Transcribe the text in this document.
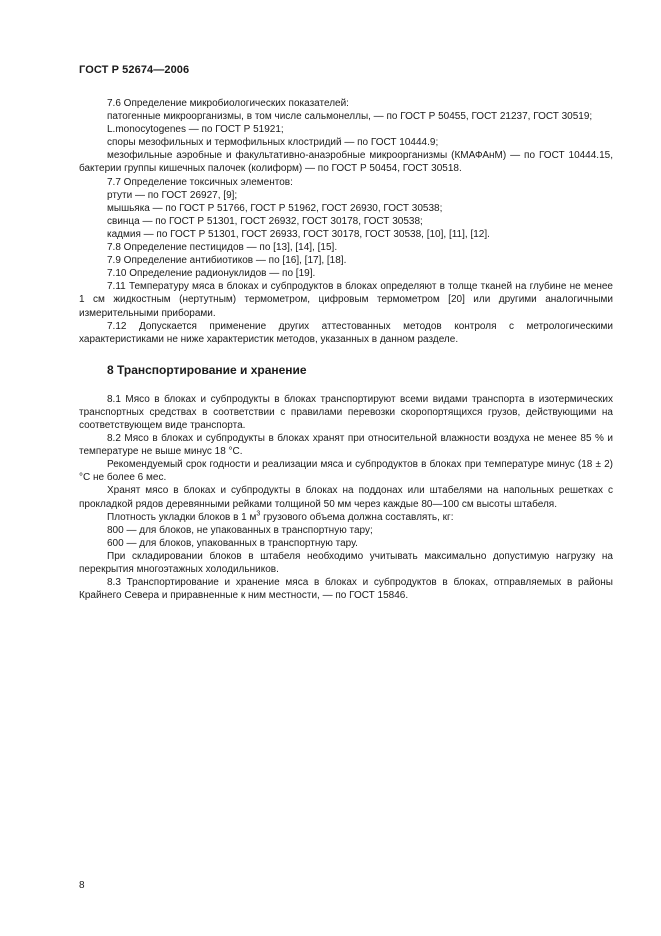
ГОСТ Р 52674—2006

7.6 Определение микробиологических показателей:

патогенные микроорганизмы, в том числе сальмонеллы, — по ГОСТ Р 50455, ГОСТ 21237, ГОСТ 30519;

L.monocytogenes — по ГОСТ Р 51921;

споры мезофильных и термофильных клостридий — по ГОСТ 10444.9;

мезофильные аэробные и факультативно-анаэробные микроорганизмы (КМАФАнМ) — по ГОСТ 10444.15, бактерии группы кишечных палочек (колиформ) — по ГОСТ Р 50454, ГОСТ 30518.

7.7 Определение токсичных элементов:

ртути — по ГОСТ 26927, [9];

мышьяка — по ГОСТ Р 51766, ГОСТ Р 51962, ГОСТ 26930, ГОСТ 30538;

свинца — по ГОСТ Р 51301, ГОСТ 26932, ГОСТ 30178, ГОСТ 30538;

кадмия — по ГОСТ Р 51301, ГОСТ 26933, ГОСТ 30178, ГОСТ 30538, [10], [11], [12].

7.8 Определение пестицидов — по [13], [14], [15].

7.9 Определение антибиотиков — по [16], [17], [18].

7.10 Определение радионуклидов — по [19].

7.11 Температуру мяса в блоках и субпродуктов в блоках определяют в толще тканей на глубине не менее 1 см жидкостным (нертутным) термометром, цифровым термометром [20] или другими аналогичными измерительными приборами.

7.12 Допускается применение других аттестованных методов контроля с метрологическими характеристиками не ниже характеристик методов, указанных в данном разделе.

8 Транспортирование и хранение

8.1 Мясо в блоках и субпродукты в блоках транспортируют всеми видами транспорта в изотермических транспортных средствах в соответствии с правилами перевозки скоропортящихся грузов, действующими на соответствующем виде транспорта.

8.2 Мясо в блоках и субпродукты в блоках хранят при относительной влажности воздуха не менее 85 % и температуре не выше минус 18 °С.

Рекомендуемый срок годности и реализации мяса и субпродуктов в блоках при температуре минус (18 ± 2) °С не более 6 мес.

Хранят мясо в блоках и субпродукты в блоках на поддонах или штабелями на напольных решетках с прокладкой рядов деревянными рейками толщиной 50 мм через каждые 80—100 см высоты штабеля.

Плотность укладки блоков в 1 $м^3$ грузового объема должна составлять, кг:

800 — для блоков, не упакованных в транспортную тару;

600 — для блоков, упакованных в транспортную тару.

При складировании блоков в штабеля необходимо учитывать максимально допустимую нагрузку на перекрытия многоэтажных холодильников.

8.3 Транспортирование и хранение мяса в блоках и субпродуктов в блоках, отправляемых в районы Крайнего Севера и приравненные к ним местности, — по ГОСТ 15846.

8
